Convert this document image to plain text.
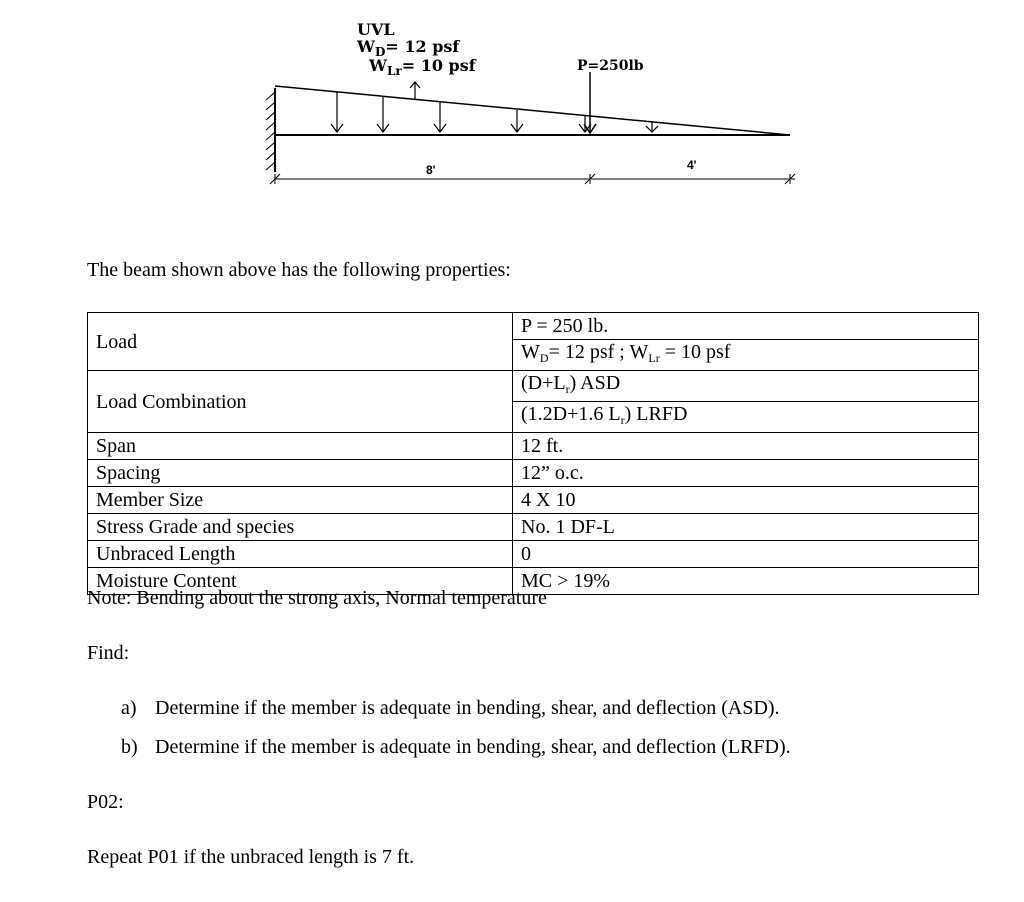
UVL
$W_D= 12$ psf
$W_{Lr}= 10$ psf	P=250lb
8'	4'
The beam shown above has the following properties:
Load	P = 250 lb.
	$W_D= 12$ psf ; $W_{Lr} = 10$ psf
Load Combination	$(D+L_r)$ ASD
	(1.2D+1.6 $L_r$) LRFD
Span	12 ft.
Spacing	12” o.c.
Member Size	4 X 10
Stress Grade and species	No. 1 DF-L
Unbraced Length	0
Moisture Content	MC > 19%
Note: Bending about the strong axis, Normal temperature
Find:
a) Determine if the member is adequate in bending, shear, and deflection (ASD).
b) Determine if the member is adequate in bending, shear, and deflection (LRFD).
P02:
Repeat P01 if the unbraced length is 7 ft.
